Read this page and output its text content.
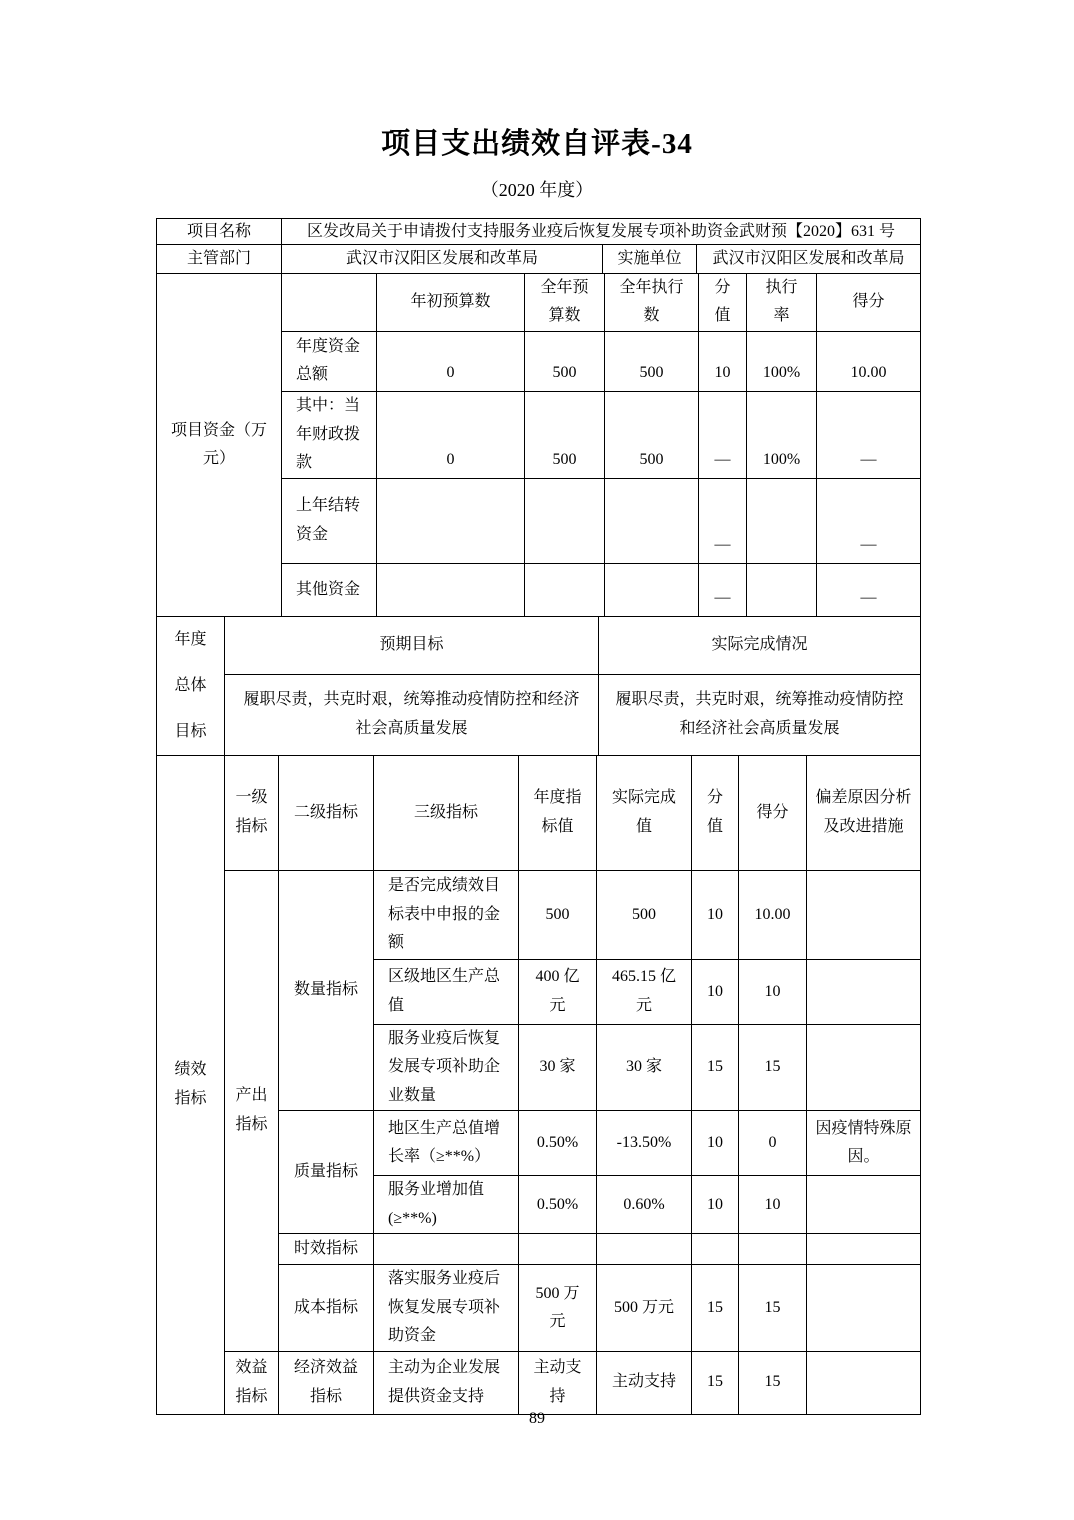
项目支出绩效自评表-34
（2020 年度）
项目名称	区发改局关于申请拨付支持服务业疫后恢复发展专项补助资金武财预【2020】631 号		
主管部门	武汉市汉阳区发展和改革局	实施单位	武汉市汉阳区发展和改革局
项目资金（万元）		年初预算数	全年预算数	全年执行数	分值	执行率	得分
	年度资金总额	0	500	500	10	100%	10.00
	其中：当年财政拨款	0	500	500	—	100%	—
	上年结转资金				—		—
	其他资金				—		—
年度总体目标	预期目标	实际完成情况
	履职尽责，共克时艰，统筹推动疫情防控和经济社会高质量发展	履职尽责，共克时艰，统筹推动疫情防控和经济社会高质量发展
绩效指标	一级指标	二级指标	三级指标	年度指标值	实际完成值	分值	得分	偏差原因分析及改进措施
	产出指标	数量指标	是否完成绩效目标表中申报的金额	500	500	10	10.00	
			区级地区生产总值	400 亿元	465.15 亿元	10	10	
			服务业疫后恢复发展专项补助企业数量	30 家	30 家	15	15	
		质量指标	地区生产总值增长率（≥**%）	0.50%	-13.50%	10	0	因疫情特殊原因。
			服务业增加值(≥**%)	0.50%	0.60%	10	10	
		时效指标						
		成本指标	落实服务业疫后恢复发展专项补助资金	500 万元	500 万元	15	15	
	效益指标	经济效益指标	主动为企业发展提供资金支持	主动支持	主动支持	15	15	
89
